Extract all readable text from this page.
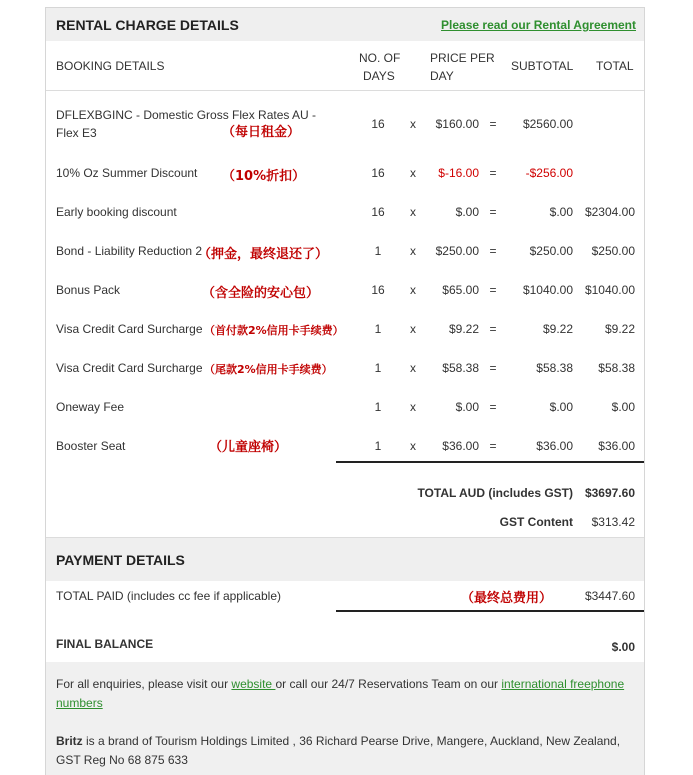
RENTAL CHARGE DETAILS	Please read our Rental Agreement
BOOKING DETAILS
NO. OF
DAYS
PRICE PER
DAY
SUBTOTAL TOTAL
DFLEXBGINC - Domestic Gross Flex Rates AU -
Flex E3	（每日租金）
16 x $160.00 = $2560.00
10% Oz Summer Discount （10%折扣）	16 x $-16.00 = -$256.00
Early booking discount	16 x	$.00 =	$.00 $2304.00
Bond - Liability Reduction 2
（押金，最终退还了）	1	x $250.00 =	$250.00 $250.00
Bonus Pack	（含全险的安心包）	16 x $65.00 = $1040.00 $1040.00
Visa Credit Card Surcharge （首付款2%信用卡手续费）	1	x	$9.22 =	$9.22	$9.22
Visa Credit Card Surcharge （尾款2%信用卡手续费）	1	x $58.38 =	$58.38 $58.38
Oneway Fee	1	x	$.00 =	$.00	$.00
Booster Seat	（儿童座椅）	1	x $36.00 =	$36.00 $36.00
TOTAL AUD (includes GST) $3697.60
GST Content $313.42
PAYMENT DETAILS
TOTAL PAID (includes cc fee if applicable)	（最终总费用）	$3447.60
FINAL BALANCE	$.00
For all enquiries, please visit our website or call our 24/7 Reservations Team on our international freephone
numbers
Britz is a brand of Tourism Holdings Limited , 36 Richard Pearse Drive, Mangere, Auckland, New Zealand,
GST Reg No 68 875 633
